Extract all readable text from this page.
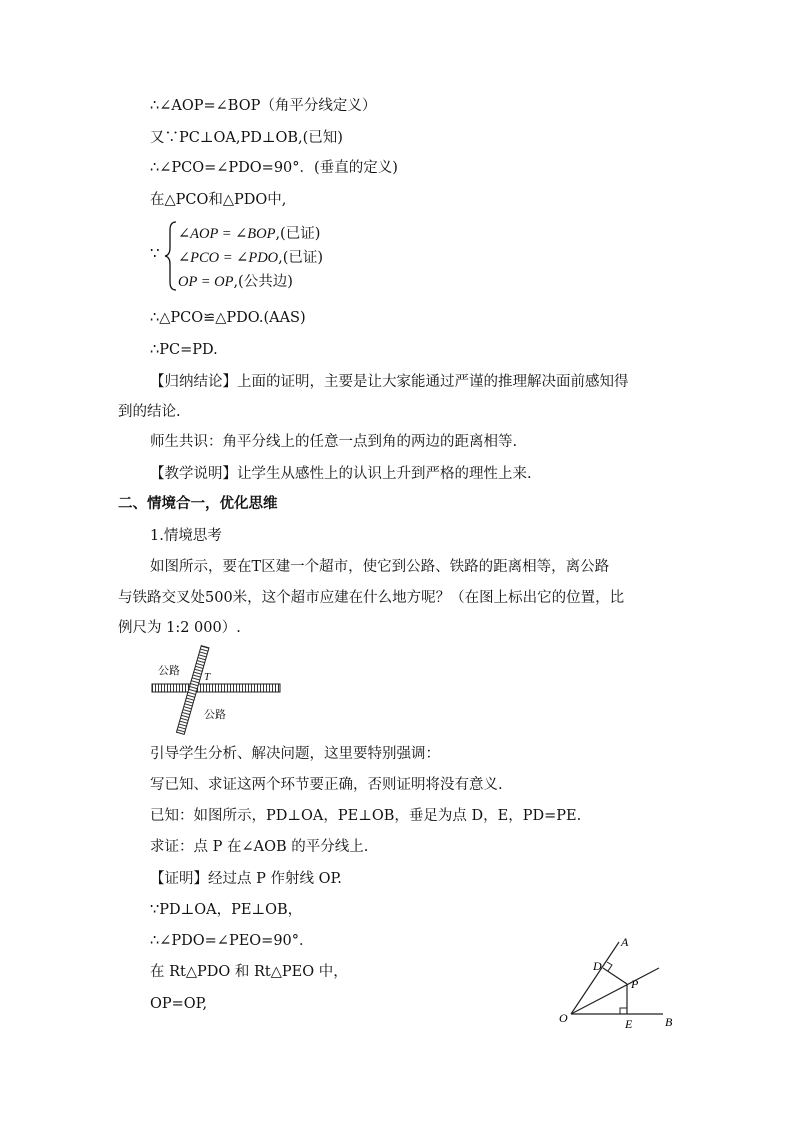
∴∠AOP=∠BOP（角平分线定义）
又∵PC⊥OA,PD⊥OB,(已知)
∴∠PCO=∠PDO=90°．(垂直的定义)
在△PCO和△PDO中,
∵
∠AOP = ∠BOP,(已证)
∠PCO = ∠PDO,(已证)
OP = OP,(公共边)
∴△PCO≌△PDO.(AAS)
∴PC=PD.
【归纳结论】上面的证明，主要是让大家能通过严谨的推理解决面前感知得
到的结论.
师生共识：角平分线上的任意一点到角的两边的距离相等.
【教学说明】让学生从感性上的认识上升到严格的理性上来.
二、情境合一，优化思维
1.情境思考
如图所示，要在T区建一个超市，使它到公路、铁路的距离相等，离公路
与铁路交叉处500米，这个超市应建在什么地方呢？（在图上标出它的位置，比
例尺为 1:2 000）.
公路
公路
T
引导学生分析、解决问题，这里要特别强调：
写已知、求证这两个环节要正确，否则证明将没有意义.
已知：如图所示，PD⊥OA，PE⊥OB，垂足为点 D，E，PD=PE.
求证：点 P 在∠AOB 的平分线上.
【证明】经过点 P 作射线 OP.
∵PD⊥OA，PE⊥OB，
∴∠PDO=∠PEO=90°．
在 Rt△PDO 和 Rt△PEO 中，
OP=OP,
A
D
P
O	E	B
